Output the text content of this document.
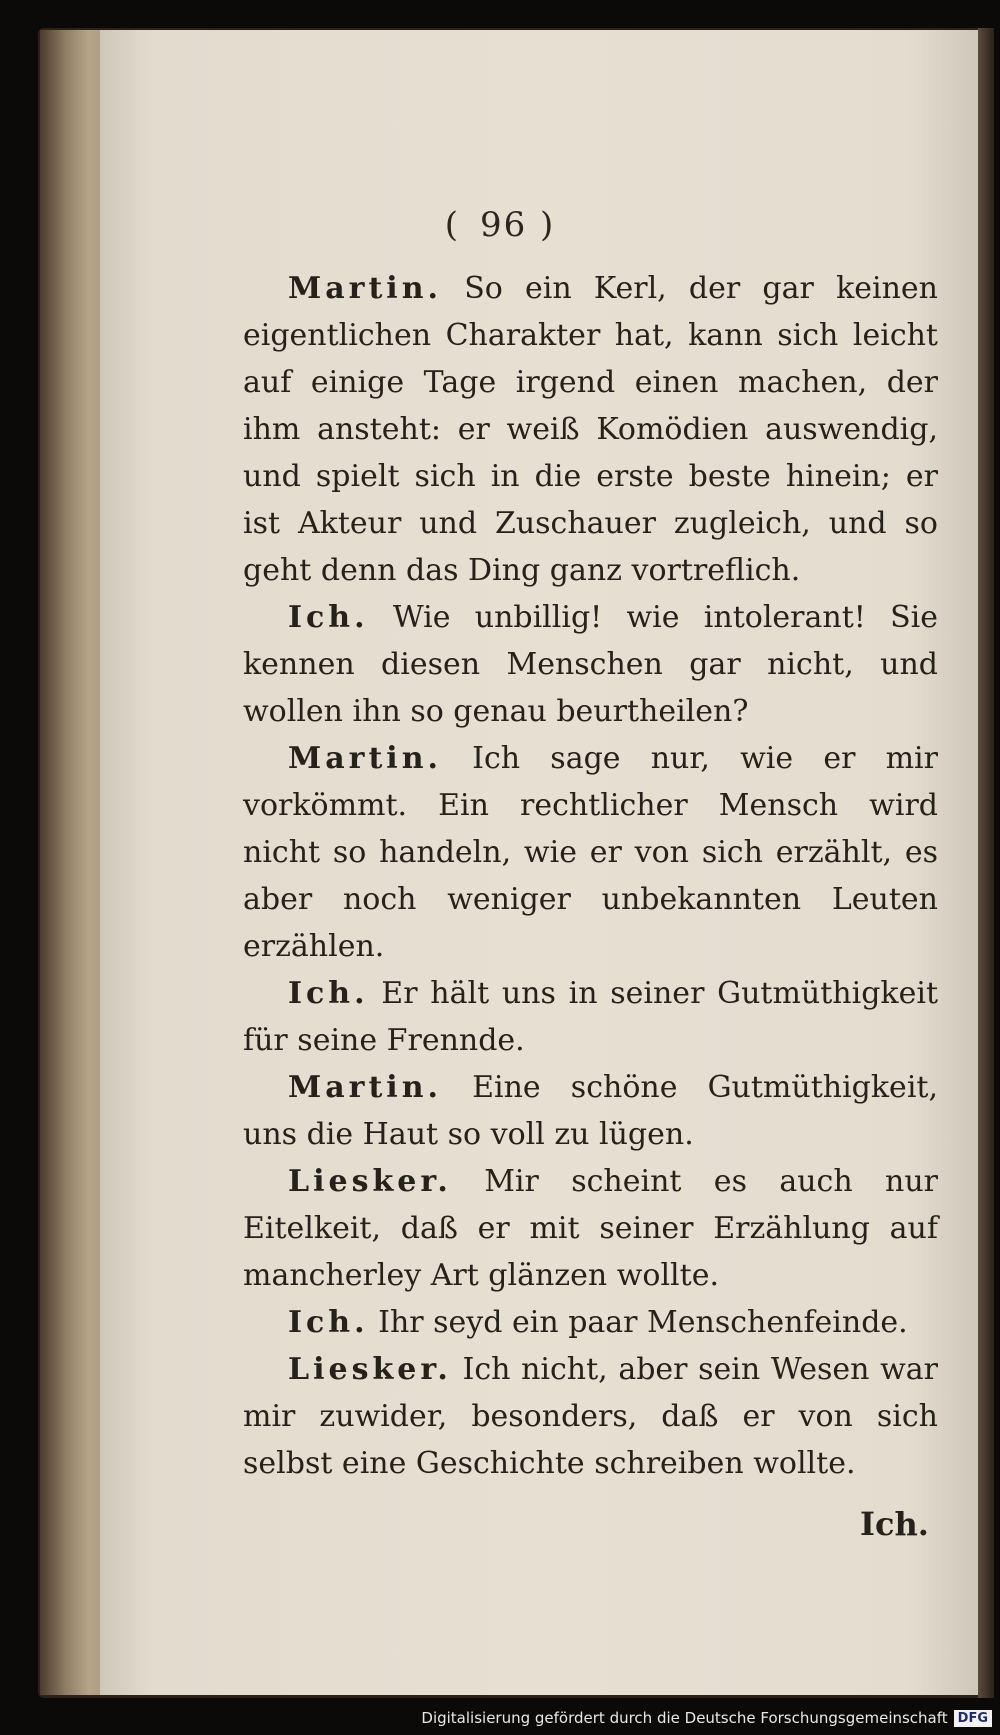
( 96 )

Martin. So ein Kerl, der gar keinen eigentlichen Charakter hat, kann sich leicht auf einige Tage irgend einen machen, der ihm ansteht: er weiß Komödien auswendig, und spielt sich in die erste beste hinein; er ist Akteur und Zuschauer zugleich, und so geht denn das Ding ganz vortreflich.

Ich. Wie unbillig! wie intolerant! Sie kennen diesen Menschen gar nicht, und wollen ihn so genau beurtheilen?

Martin. Ich sage nur, wie er mir vorkömmt. Ein rechtlicher Mensch wird nicht so handeln, wie er von sich erzählt, es aber noch weniger unbekannten Leuten erzählen.

Ich. Er hält uns in seiner Gutmüthigkeit für seine Frennde.

Martin. Eine schöne Gutmüthigkeit, uns die Haut so voll zu lügen.

Liesker. Mir scheint es auch nur Eitelkeit, daß er mit seiner Erzählung auf mancherley Art glänzen wollte.

Ich. Ihr seyd ein paar Menschenfeinde.

Liesker. Ich nicht, aber sein Wesen war mir zuwider, besonders, daß er von sich selbst eine Geschichte schreiben wollte.

Ich.
Digitalisierung gefördert durch die Deutsche Forschungsgemeinschaft DFG
